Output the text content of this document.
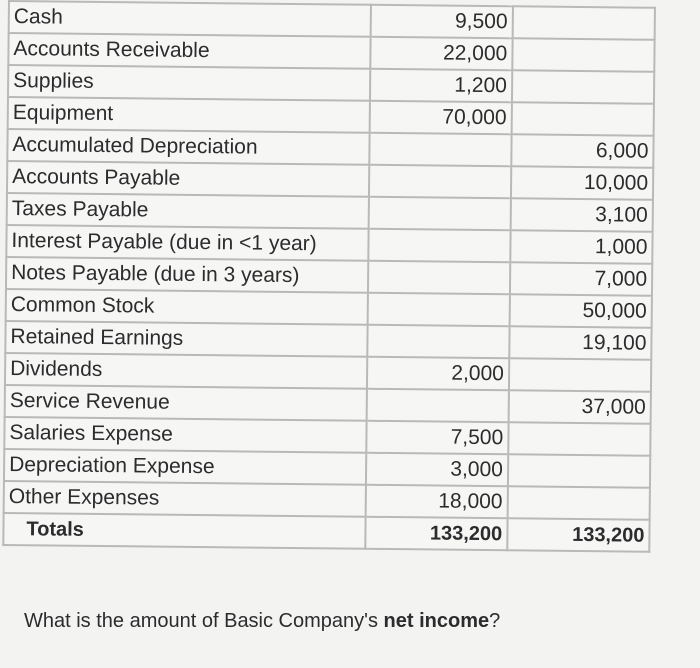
Cash	9,500	
Accounts Receivable	22,000	
Supplies	1,200	
Equipment	70,000	
Accumulated Depreciation		6,000
Accounts Payable		10,000
Taxes Payable		3,100
Interest Payable (due in <1 year)		1,000
Notes Payable (due in 3 years)		7,000
Common Stock		50,000
Retained Earnings		19,100
Dividends	2,000	
Service Revenue		37,000
Salaries Expense	7,500	
Depreciation Expense	3,000	
Other Expenses	18,000	
Totals	133,200	133,200
What is the amount of Basic Company's net income?
